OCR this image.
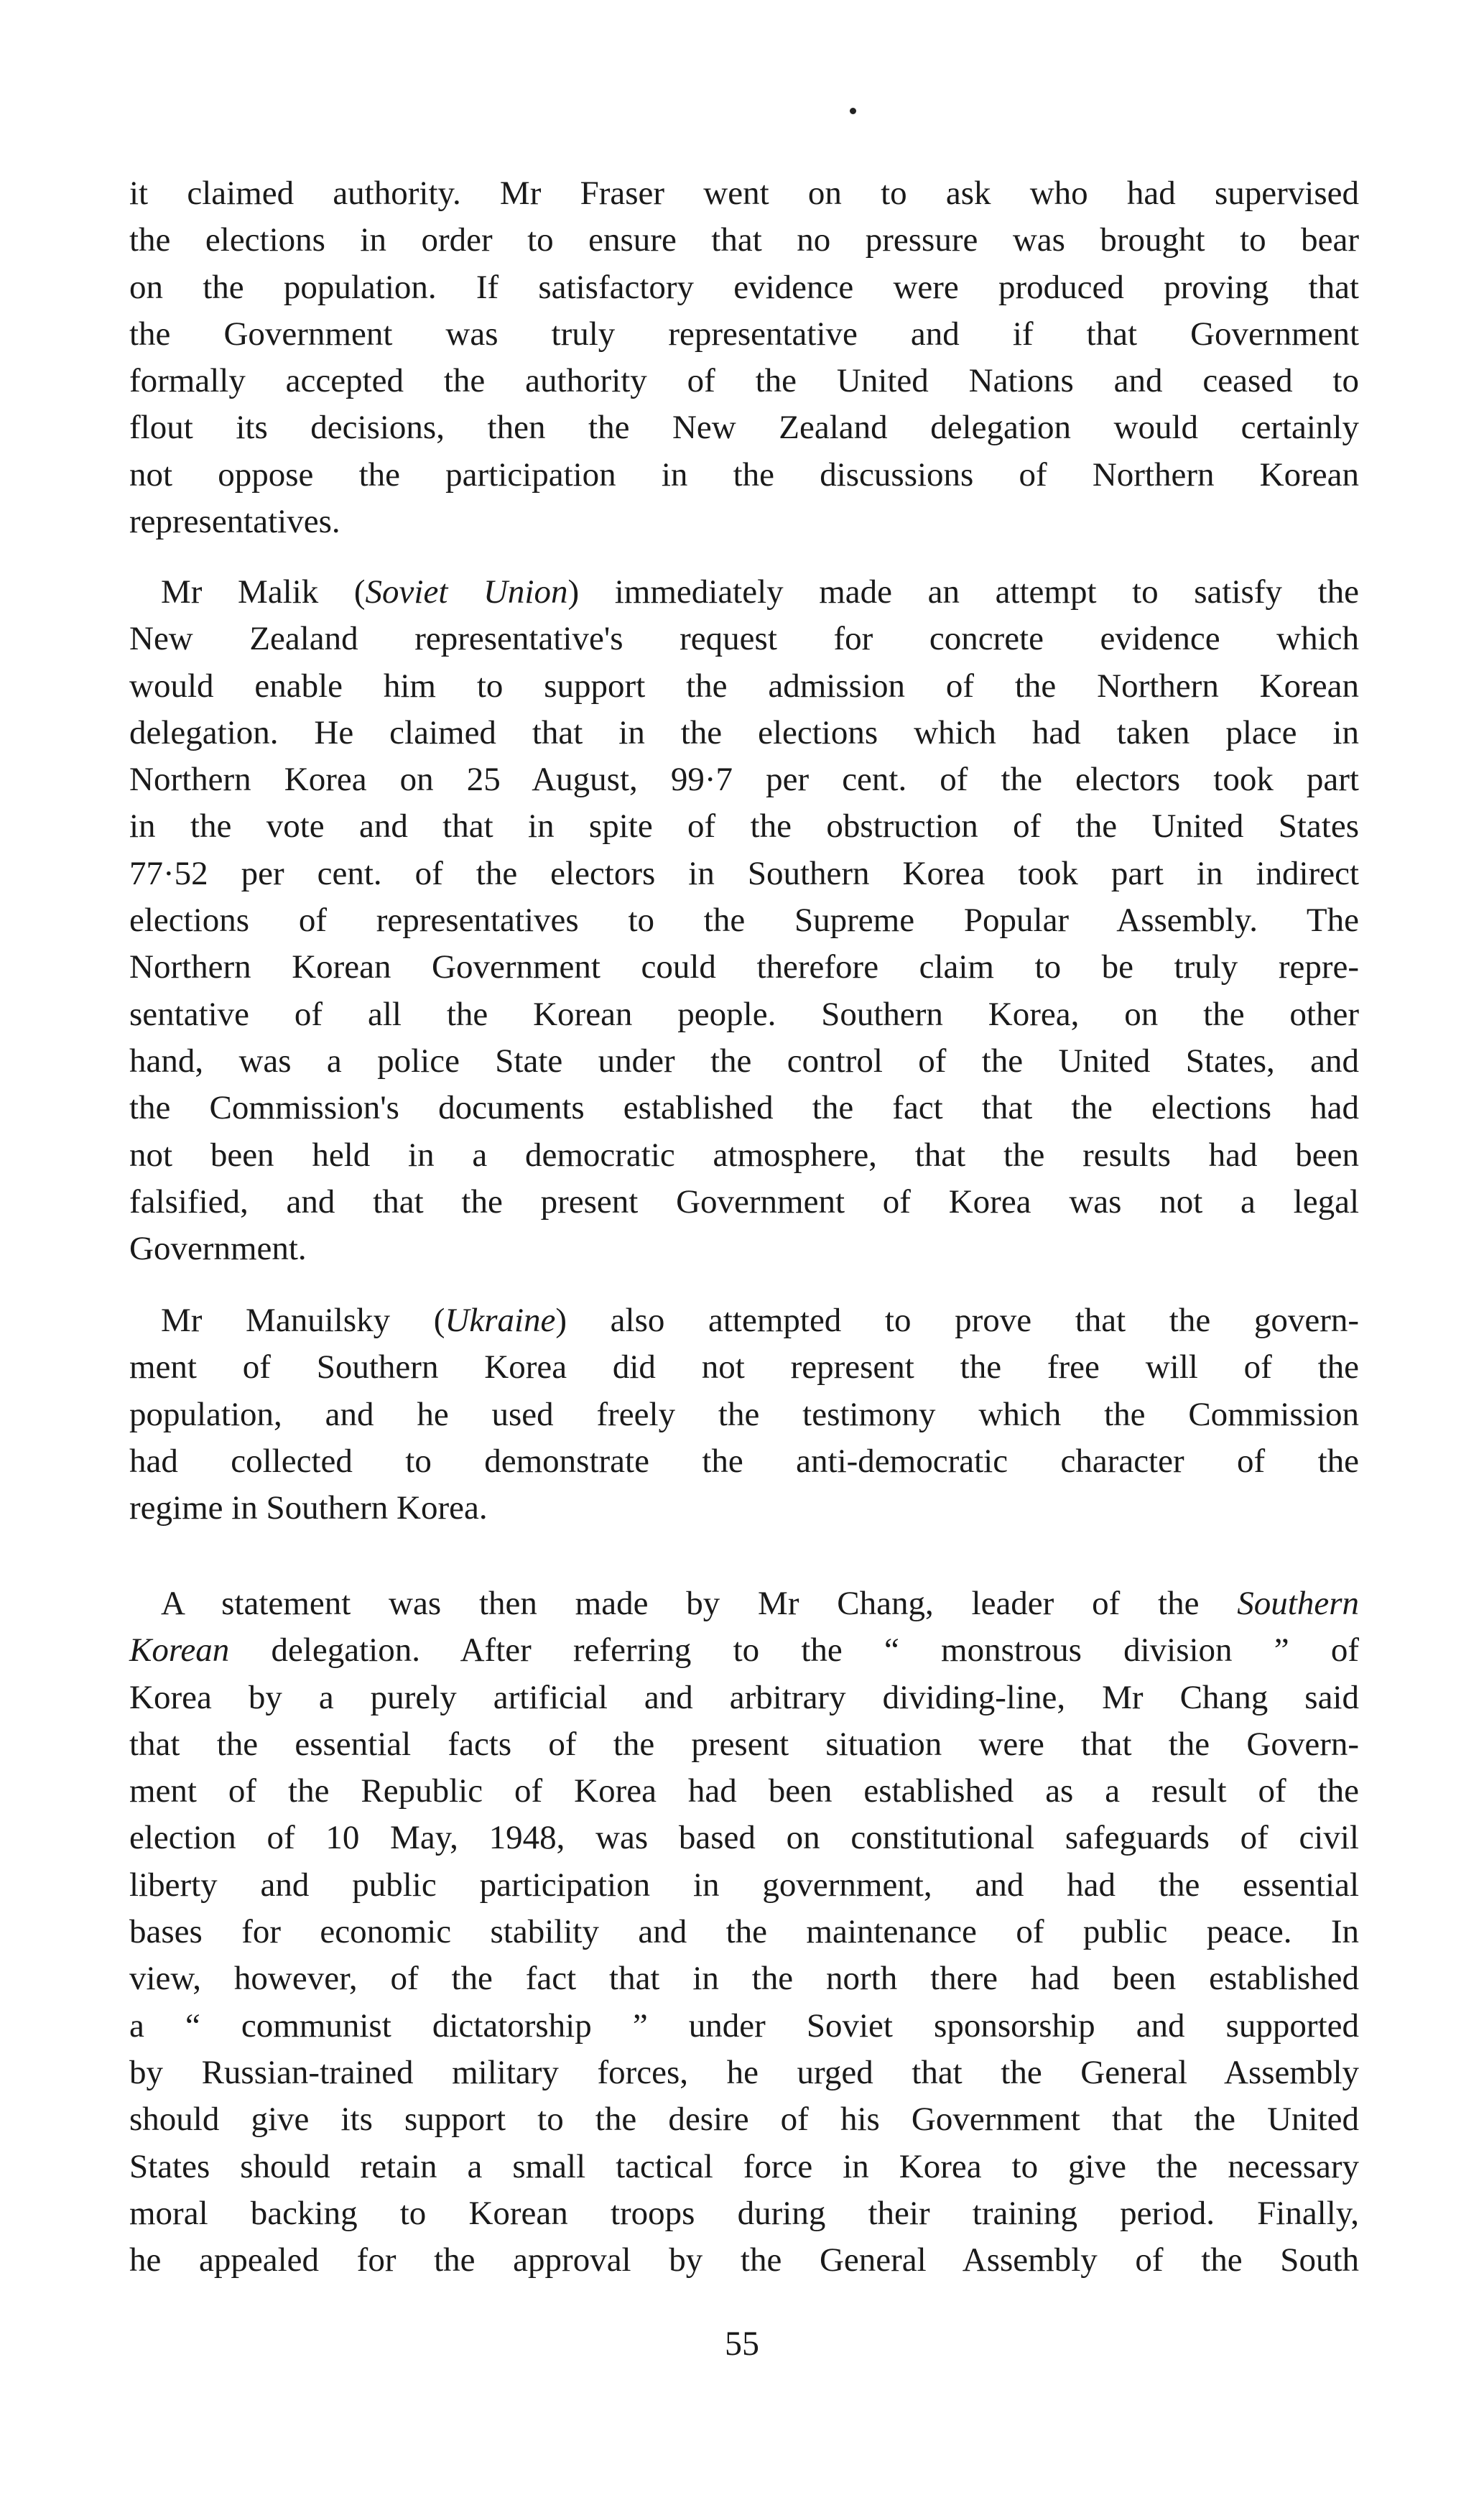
it claimed authority. Mr Fraser went on to ask who had supervised
the elections in order to ensure that no pressure was brought to bear
on the population. If satisfactory evidence were produced proving that
the Government was truly representative and if that Government
formally accepted the authority of the United Nations and ceased to
flout its decisions, then the New Zealand delegation would certainly
not oppose the participation in the discussions of Northern Korean
representatives.
Mr Malik (Soviet Union) immediately made an attempt to satisfy the
New Zealand representative's request for concrete evidence which
would enable him to support the admission of the Northern Korean
delegation. He claimed that in the elections which had taken place in
Northern Korea on 25 August, 99·7 per cent. of the electors took part
in the vote and that in spite of the obstruction of the United States
77·52 per cent. of the electors in Southern Korea took part in indirect
elections of representatives to the Supreme Popular Assembly. The
Northern Korean Government could therefore claim to be truly repre-
sentative of all the Korean people. Southern Korea, on the other
hand, was a police State under the control of the United States, and
the Commission's documents established the fact that the elections had
not been held in a democratic atmosphere, that the results had been
falsified, and that the present Government of Korea was not a legal
Government.
Mr Manuilsky (Ukraine) also attempted to prove that the govern-
ment of Southern Korea did not represent the free will of the
population, and he used freely the testimony which the Commission
had collected to demonstrate the anti-democratic character of the
regime in Southern Korea.
A statement was then made by Mr Chang, leader of the Southern
Korean delegation. After referring to the “ monstrous division ” of
Korea by a purely artificial and arbitrary dividing-line, Mr Chang said
that the essential facts of the present situation were that the Govern-
ment of the Republic of Korea had been established as a result of the
election of 10 May, 1948, was based on constitutional safeguards of civil
liberty and public participation in government, and had the essential
bases for economic stability and the maintenance of public peace. In
view, however, of the fact that in the north there had been established
a “ communist dictatorship ” under Soviet sponsorship and supported
by Russian-trained military forces, he urged that the General Assembly
should give its support to the desire of his Government that the United
States should retain a small tactical force in Korea to give the necessary
moral backing to Korean troops during their training period. Finally,
he appealed for the approval by the General Assembly of the South
55
